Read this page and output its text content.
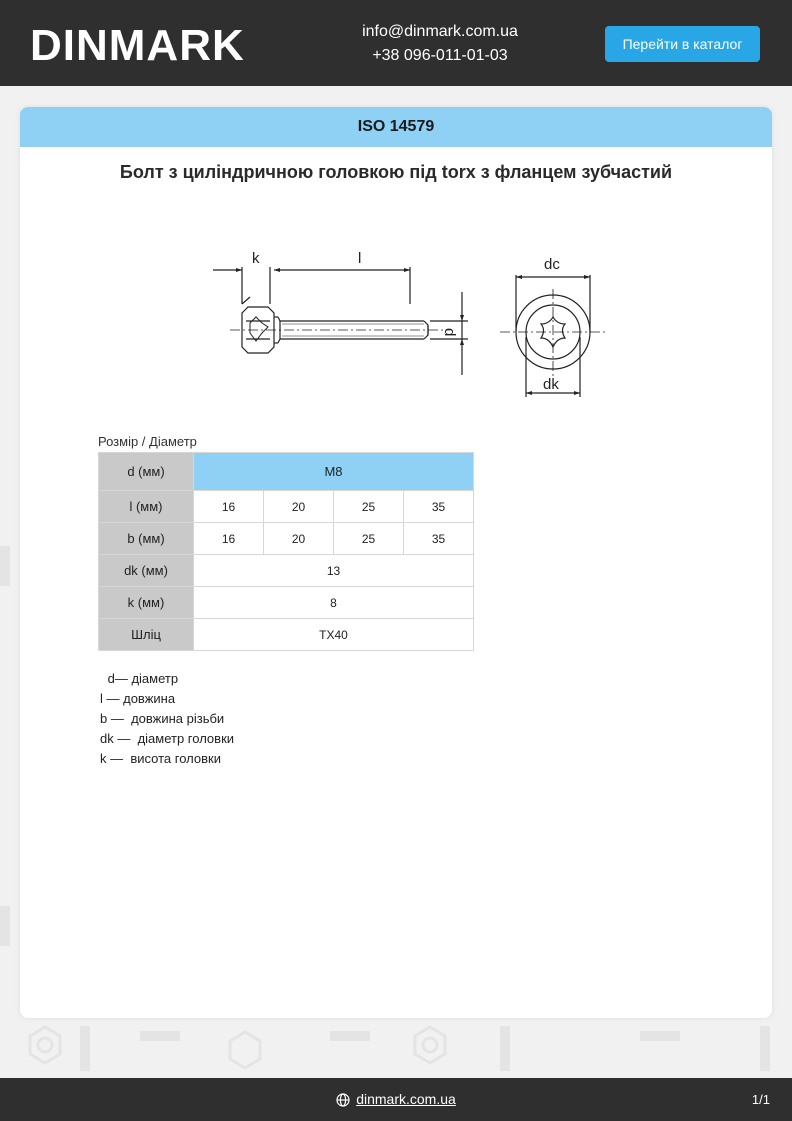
DINMARK	info@dinmark.com.ua
+38 096-011-01-03
Перейти в каталог
ISO 14579
Болт з циліндричною головкою під torx з фланцем зубчастий
k	l
d
dc
dk
Розмір / Діаметр
d (мм)	M8			
l (мм)	16	20	25	35
b (мм)	16	20	25	35
dk (мм)	13			
k (мм)	8			
Шліц	TX40			
d— діаметр
l — довжина
b —  довжина різьби
dk —  діаметр головки
k —  висота головки
dinmark.com.ua	1/1
